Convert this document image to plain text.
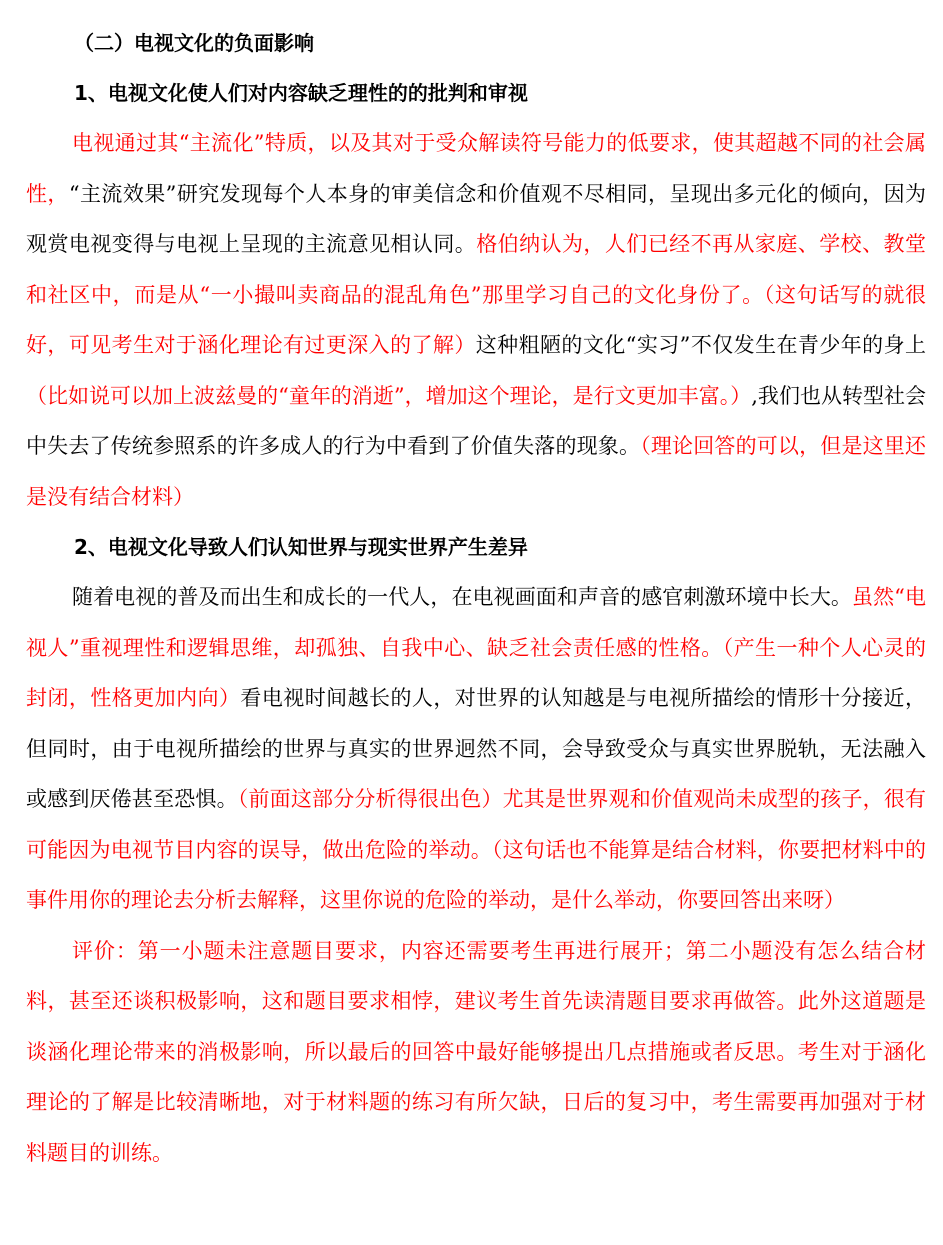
（二）电视文化的负面影响
1、电视文化使人们对内容缺乏理性的的批判和审视

电视通过其“主流化”特质，以及其对于受众解读符号能力的低要求，使其超越不同的社会属性，“主流效果”研究发现每个人本身的审美信念和价值观不尽相同，呈现出多元化的倾向，因为观赏电视变得与电视上呈现的主流意见相认同。格伯纳认为，人们已经不再从家庭、学校、教堂和社区中，而是从“一小撮叫卖商品的混乱角色”那里学习自己的文化身份了。（这句话写的就很好，可见考生对于涵化理论有过更深入的了解）这种粗陋的文化“实习”不仅发生在青少年的身上（比如说可以加上波兹曼的“童年的消逝”，增加这个理论，是行文更加丰富。）,我们也从转型社会中失去了传统参照系的许多成人的行为中看到了价值失落的现象。（理论回答的可以，但是这里还是没有结合材料）

2、电视文化导致人们认知世界与现实世界产生差异

随着电视的普及而出生和成长的一代人，在电视画面和声音的感官刺激环境中长大。虽然“电视人”重视理性和逻辑思维，却孤独、自我中心、缺乏社会责任感的性格。（产生一种个人心灵的封闭，性格更加内向）看电视时间越长的人，对世界的认知越是与电视所描绘的情形十分接近，但同时，由于电视所描绘的世界与真实的世界迥然不同，会导致受众与真实世界脱轨，无法融入或感到厌倦甚至恐惧。（前面这部分分析得很出色）尤其是世界观和价值观尚未成型的孩子，很有可能因为电视节目内容的误导，做出危险的举动。（这句话也不能算是结合材料，你要把材料中的事件用你的理论去分析去解释，这里你说的危险的举动，是什么举动，你要回答出来呀）

评价：第一小题未注意题目要求，内容还需要考生再进行展开；第二小题没有怎么结合材料，甚至还谈积极影响，这和题目要求相悖，建议考生首先读清题目要求再做答。此外这道题是谈涵化理论带来的消极影响，所以最后的回答中最好能够提出几点措施或者反思。考生对于涵化理论的了解是比较清晰地，对于材料题的练习有所欠缺，日后的复习中，考生需要再加强对于材料题目的训练。
